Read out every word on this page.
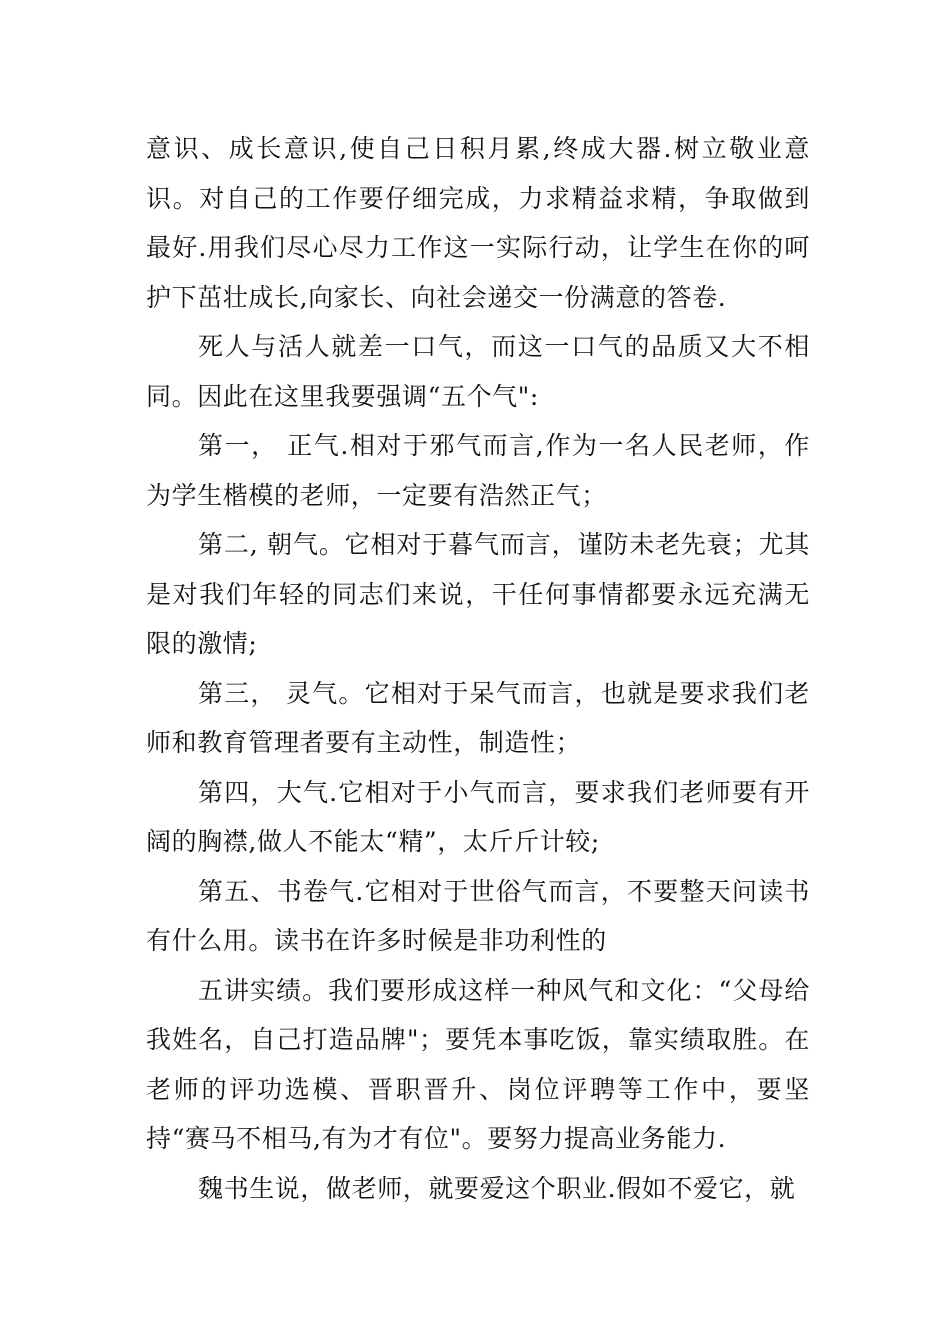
意识、成长意识,使自己日积月累,终成大器.树立敬业意识。对自己的工作要仔细完成，力求精益求精，争取做到最好.用我们尽心尽力工作这一实际行动，让学生在你的呵护下茁壮成长,向家长、向社会递交一份满意的答卷.

死人与活人就差一口气，而这一口气的品质又大不相同。因此在这里我要强调“五个气":

第一， 正气.相对于邪气而言,作为一名人民老师，作为学生楷模的老师，一定要有浩然正气；

第二, 朝气。它相对于暮气而言，谨防未老先衰；尤其是对我们年轻的同志们来说，干任何事情都要永远充满无限的激情;

第三， 灵气。它相对于呆气而言，也就是要求我们老师和教育管理者要有主动性，制造性；

第四，大气.它相对于小气而言，要求我们老师要有开阔的胸襟,做人不能太“精”，太斤斤计较;

第五、书卷气.它相对于世俗气而言，不要整天问读书有什么用。读书在许多时候是非功利性的

五讲实绩。我们要形成这样一种风气和文化：“父母给我姓名，自己打造品牌"；要凭本事吃饭，靠实绩取胜。在老师的评功选模、晋职晋升、岗位评聘等工作中，要坚持“赛马不相马,有为才有位"。要努力提高业务能力.

魏书生说，做老师，就要爱这个职业.假如不爱它，就
